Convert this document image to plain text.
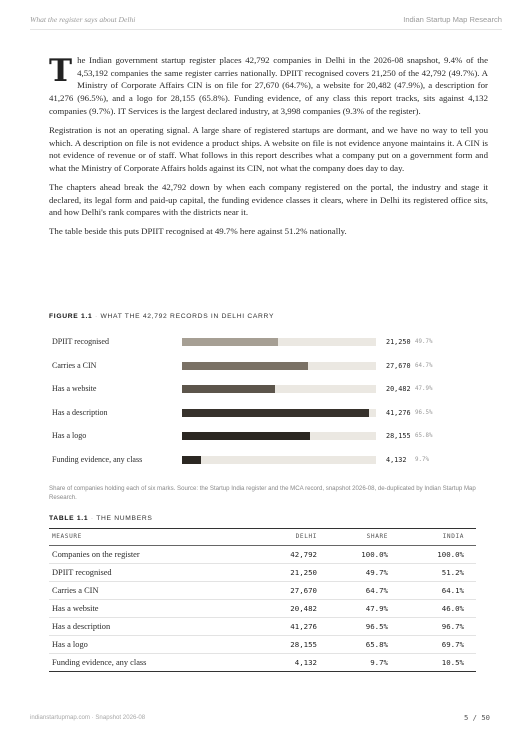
What the register says about Delhi	Indian Startup Map Research

The Indian government startup register places 42,792 companies in Delhi in the 2026-08 snapshot, 9.4% of the 4,53,192 companies the same register carries nationally. DPIIT recognised covers 21,250 of the 42,792 (49.7%). A Ministry of Corporate Affairs CIN is on file for 27,670 (64.7%), a website for 20,482 (47.9%), a description for 41,276 (96.5%), and a logo for 28,155 (65.8%). Funding evidence, of any class this report tracks, sits against 4,132 companies (9.7%). IT Services is the largest declared industry, at 3,998 companies (9.3% of the register).

Registration is not an operating signal. A large share of registered startups are dormant, and we have no way to tell you which. A description on file is not evidence a product ships. A website on file is not evidence anyone maintains it. A CIN is not evidence of revenue or of staff. What follows in this report describes what a company put on a government form and what the Ministry of Corporate Affairs holds against its CIN, not what the company does day to day.

The chapters ahead break the 42,792 down by when each company registered on the portal, the industry and stage it declared, its legal form and paid-up capital, the funding evidence classes it clears, where in Delhi its registered office sits, and how Delhi's rank compares with the districts near it.

The table beside this puts DPIIT recognised at 49.7% here against 51.2% nationally.

FIGURE 1.1 · WHAT THE 42,792 RECORDS IN DELHI CARRY
DPIIT recognised	21,250 49.7%
Carries a CIN	27,670 64.7%
Has a website	20,482 47.9%
Has a description	41,276 96.5%
Has a logo	28,155 65.8%
Funding evidence, any class	4,132 9.7%
Share of companies holding each of six marks. Source: the Startup India register and the MCA record, snapshot 2026-08, de-duplicated by Indian Startup Map Research.
TABLE 1.1 · THE NUMBERS
MEASURE	DELHI	SHARE	INDIA
Companies on the register	42,792	100.0%	100.0%
DPIIT recognised	21,250	49.7%	51.2%
Carries a CIN	27,670	64.7%	64.1%
Has a website	20,482	47.9%	46.0%
Has a description	41,276	96.5%	96.7%
Has a logo	28,155	65.8%	69.7%
Funding evidence, any class	4,132	9.7%	10.5%
indianstartupmap.com · Snapshot 2026-08	5 / 50
